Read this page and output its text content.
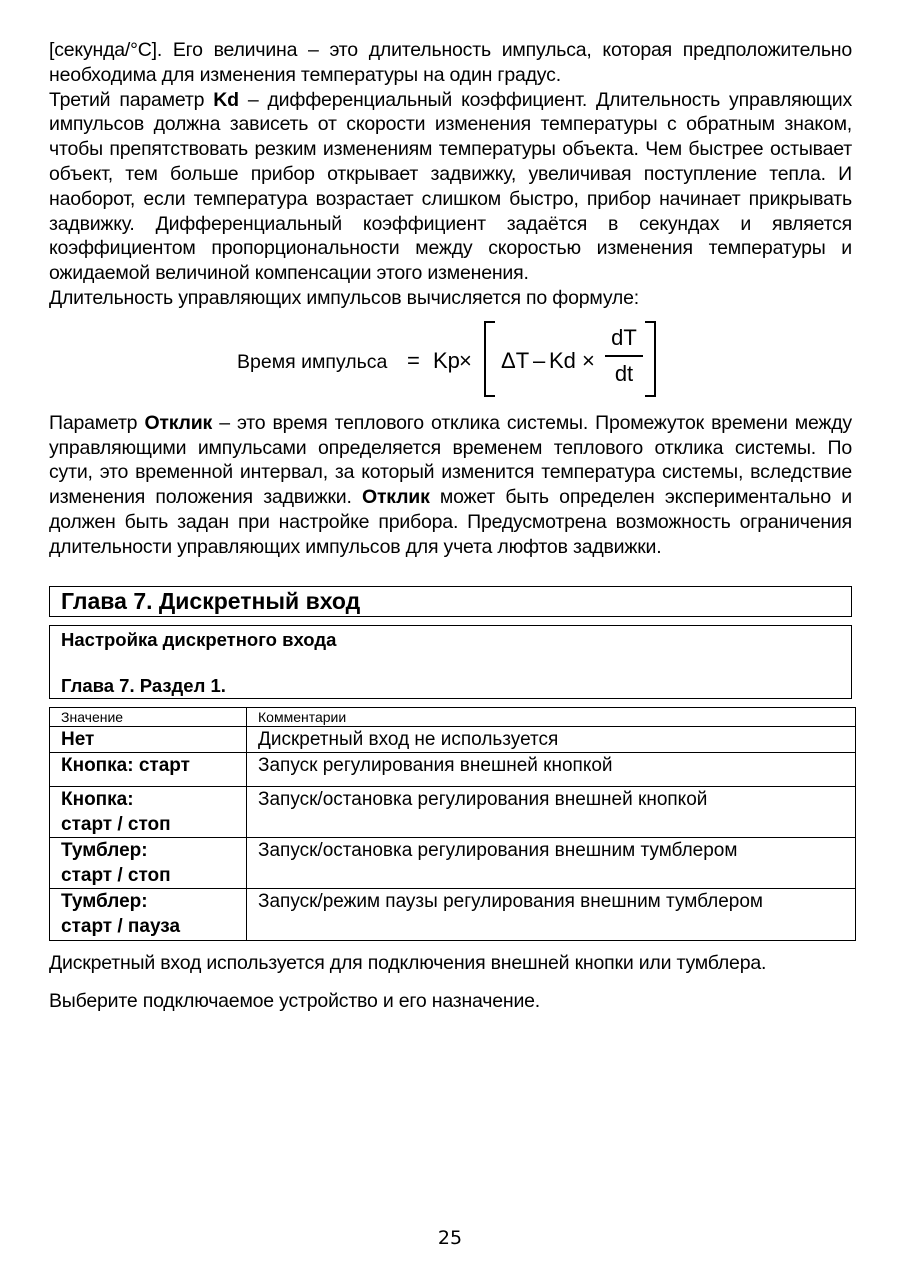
[секунда/°С]. Его величина – это длительность импульса, которая предположительно необходима для изменения температуры на один градус.

Третий параметр Kd – дифференциальный коэффициент. Длительность управляющих импульсов должна зависеть от скорости изменения температуры с обратным знаком, чтобы препятствовать резким изменениям температуры объекта. Чем быстрее остывает объект, тем больше прибор открывает задвижку, увеличивая поступление тепла. И наоборот, если температура возрастает слишком быстро, прибор начинает прикрывать задвижку. Дифференциальный коэффициент задаётся в секундах и является коэффициентом пропорциональности между скоростью изменения температуры и ожидаемой величиной компенсации этого изменения.

Длительность управляющих импульсов вычисляется по формуле:

Время импульса = Kp × ΔT – Kd ×
dT
dt

Параметр Отклик – это время теплового отклика системы. Промежуток времени между управляющими импульсами определяется временем теплового отклика системы. По сути, это временной интервал, за который изменится температура системы, вследствие изменения положения задвижки. Отклик может быть определен экспериментально и должен быть задан при настройке прибора. Предусмотрена возможность ограничения длительности управляющих импульсов для учета люфтов задвижки.

Глава 7. Дискретный вход
Настройка дискретного входа
Глава 7. Раздел 1.
Значение	Комментарии
Нет	Дискретный вход не используется
Кнопка: старт	Запуск регулирования внешней кнопкой

Кнопка:
старт / стоп	Запуск/остановка регулирования внешней кнопкой

Тумблер:
старт / стоп	Запуск/остановка регулирования внешним тумблером

Тумблер:
старт / пауза	Запуск/режим паузы регулирования внешним тумблером

Дискретный вход используется для подключения внешней кнопки или тумблера.

Выберите подключаемое устройство и его назначение.

25
